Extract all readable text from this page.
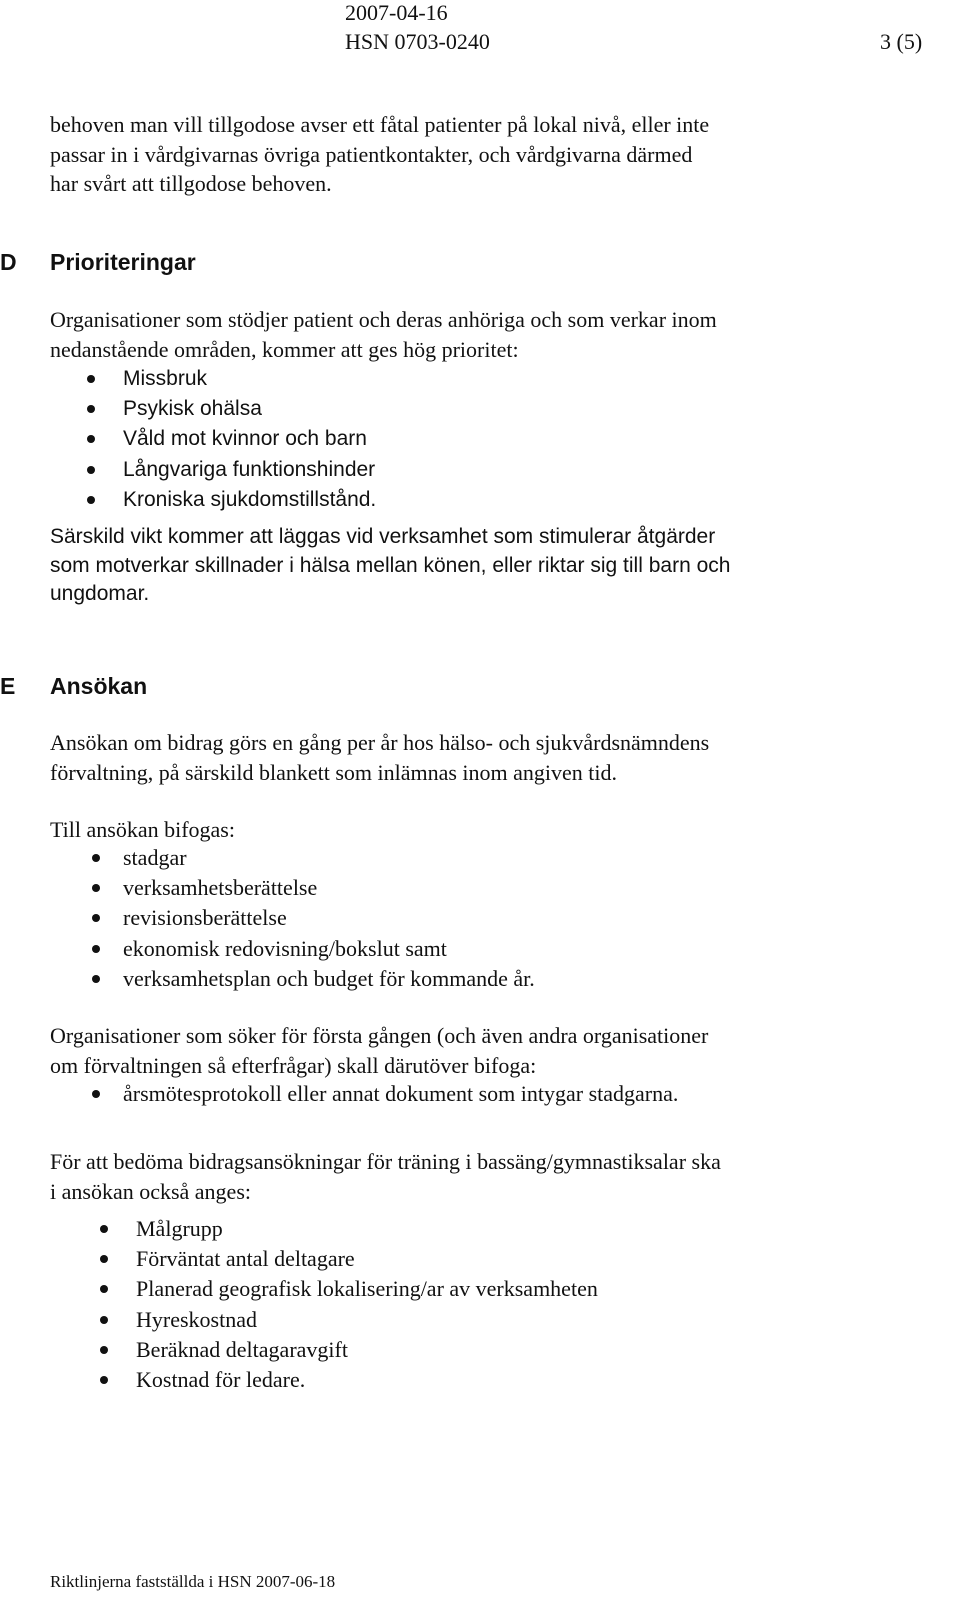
2007-04-16
HSN 0703-0240	3 (5)
behoven man vill tillgodose avser ett fåtal patienter på lokal nivå, eller inte
passar in i vårdgivarnas övriga patientkontakter, och vårdgivarna därmed
har svårt att tillgodose behoven.
D Prioriteringar
Organisationer som stödjer patient och deras anhöriga och som verkar inom
nedanstående områden, kommer att ges hög prioritet:
Missbruk
Psykisk ohälsa
Våld mot kvinnor och barn
Långvariga funktionshinder
Kroniska sjukdomstillstånd.
Särskild vikt kommer att läggas vid verksamhet som stimulerar åtgärder
som motverkar skillnader i hälsa mellan könen, eller riktar sig till barn och
ungdomar.
E Ansökan
Ansökan om bidrag görs en gång per år hos hälso- och sjukvårdsnämndens
förvaltning, på särskild blankett som inlämnas inom angiven tid.
Till ansökan bifogas:
stadgar
verksamhetsberättelse
revisionsberättelse
ekonomisk redovisning/bokslut samt
verksamhetsplan och budget för kommande år.
Organisationer som söker för första gången (och även andra organisationer
om förvaltningen så efterfrågar) skall därutöver bifoga:
årsmötesprotokoll eller annat dokument som intygar stadgarna.
För att bedöma bidragsansökningar för träning i bassäng/gymnastiksalar ska
i ansökan också anges:
Målgrupp
Förväntat antal deltagare
Planerad geografisk lokalisering/ar av verksamheten
Hyreskostnad
Beräknad deltagaravgift
Kostnad för ledare.
Riktlinjerna fastställda i HSN 2007-06-18
